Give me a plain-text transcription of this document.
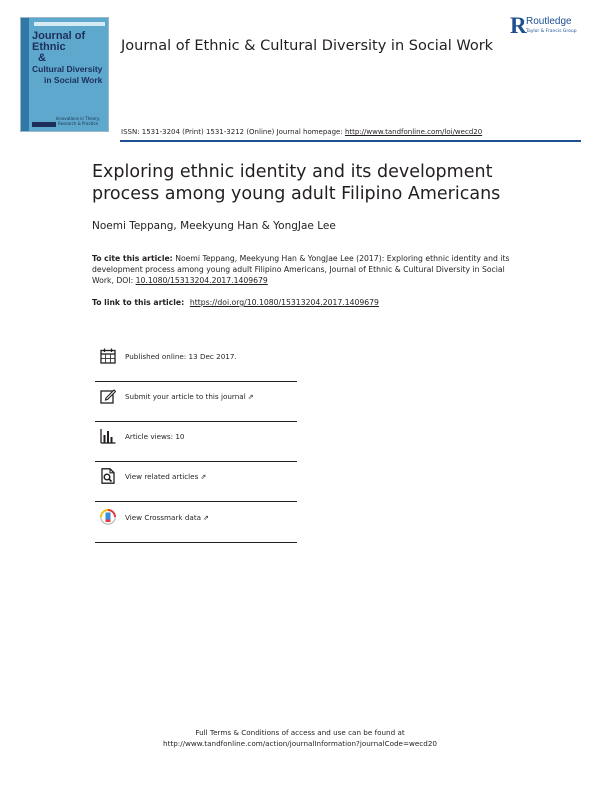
Journal of
Ethnic
&
Cultural Diversity
in Social Work
Innovations in Theory, Research & Practice
Journal of Ethnic & Cultural Diversity in Social Work
R Routledge
Taylor & Francis Group
ISSN: 1531-3204 (Print) 1531-3212 (Online) Journal homepage: http://www.tandfonline.com/loi/wecd20
Exploring ethnic identity and its development process among young adult Filipino Americans
Noemi Teppang, Meekyung Han & YongJae Lee
To cite this article: Noemi Teppang, Meekyung Han & YongJae Lee (2017): Exploring ethnic identity and its development process among young adult Filipino Americans, Journal of Ethnic & Cultural Diversity in Social Work, DOI: 10.1080/15313204.2017.1409679
To link to this article: https://doi.org/10.1080/15313204.2017.1409679
Published online: 13 Dec 2017.
Submit your article to this journal ⇗
Article views: 10
View related articles ⇗
View Crossmark data ⇗
Full Terms & Conditions of access and use can be found at
http://www.tandfonline.com/action/journalInformation?journalCode=wecd20
